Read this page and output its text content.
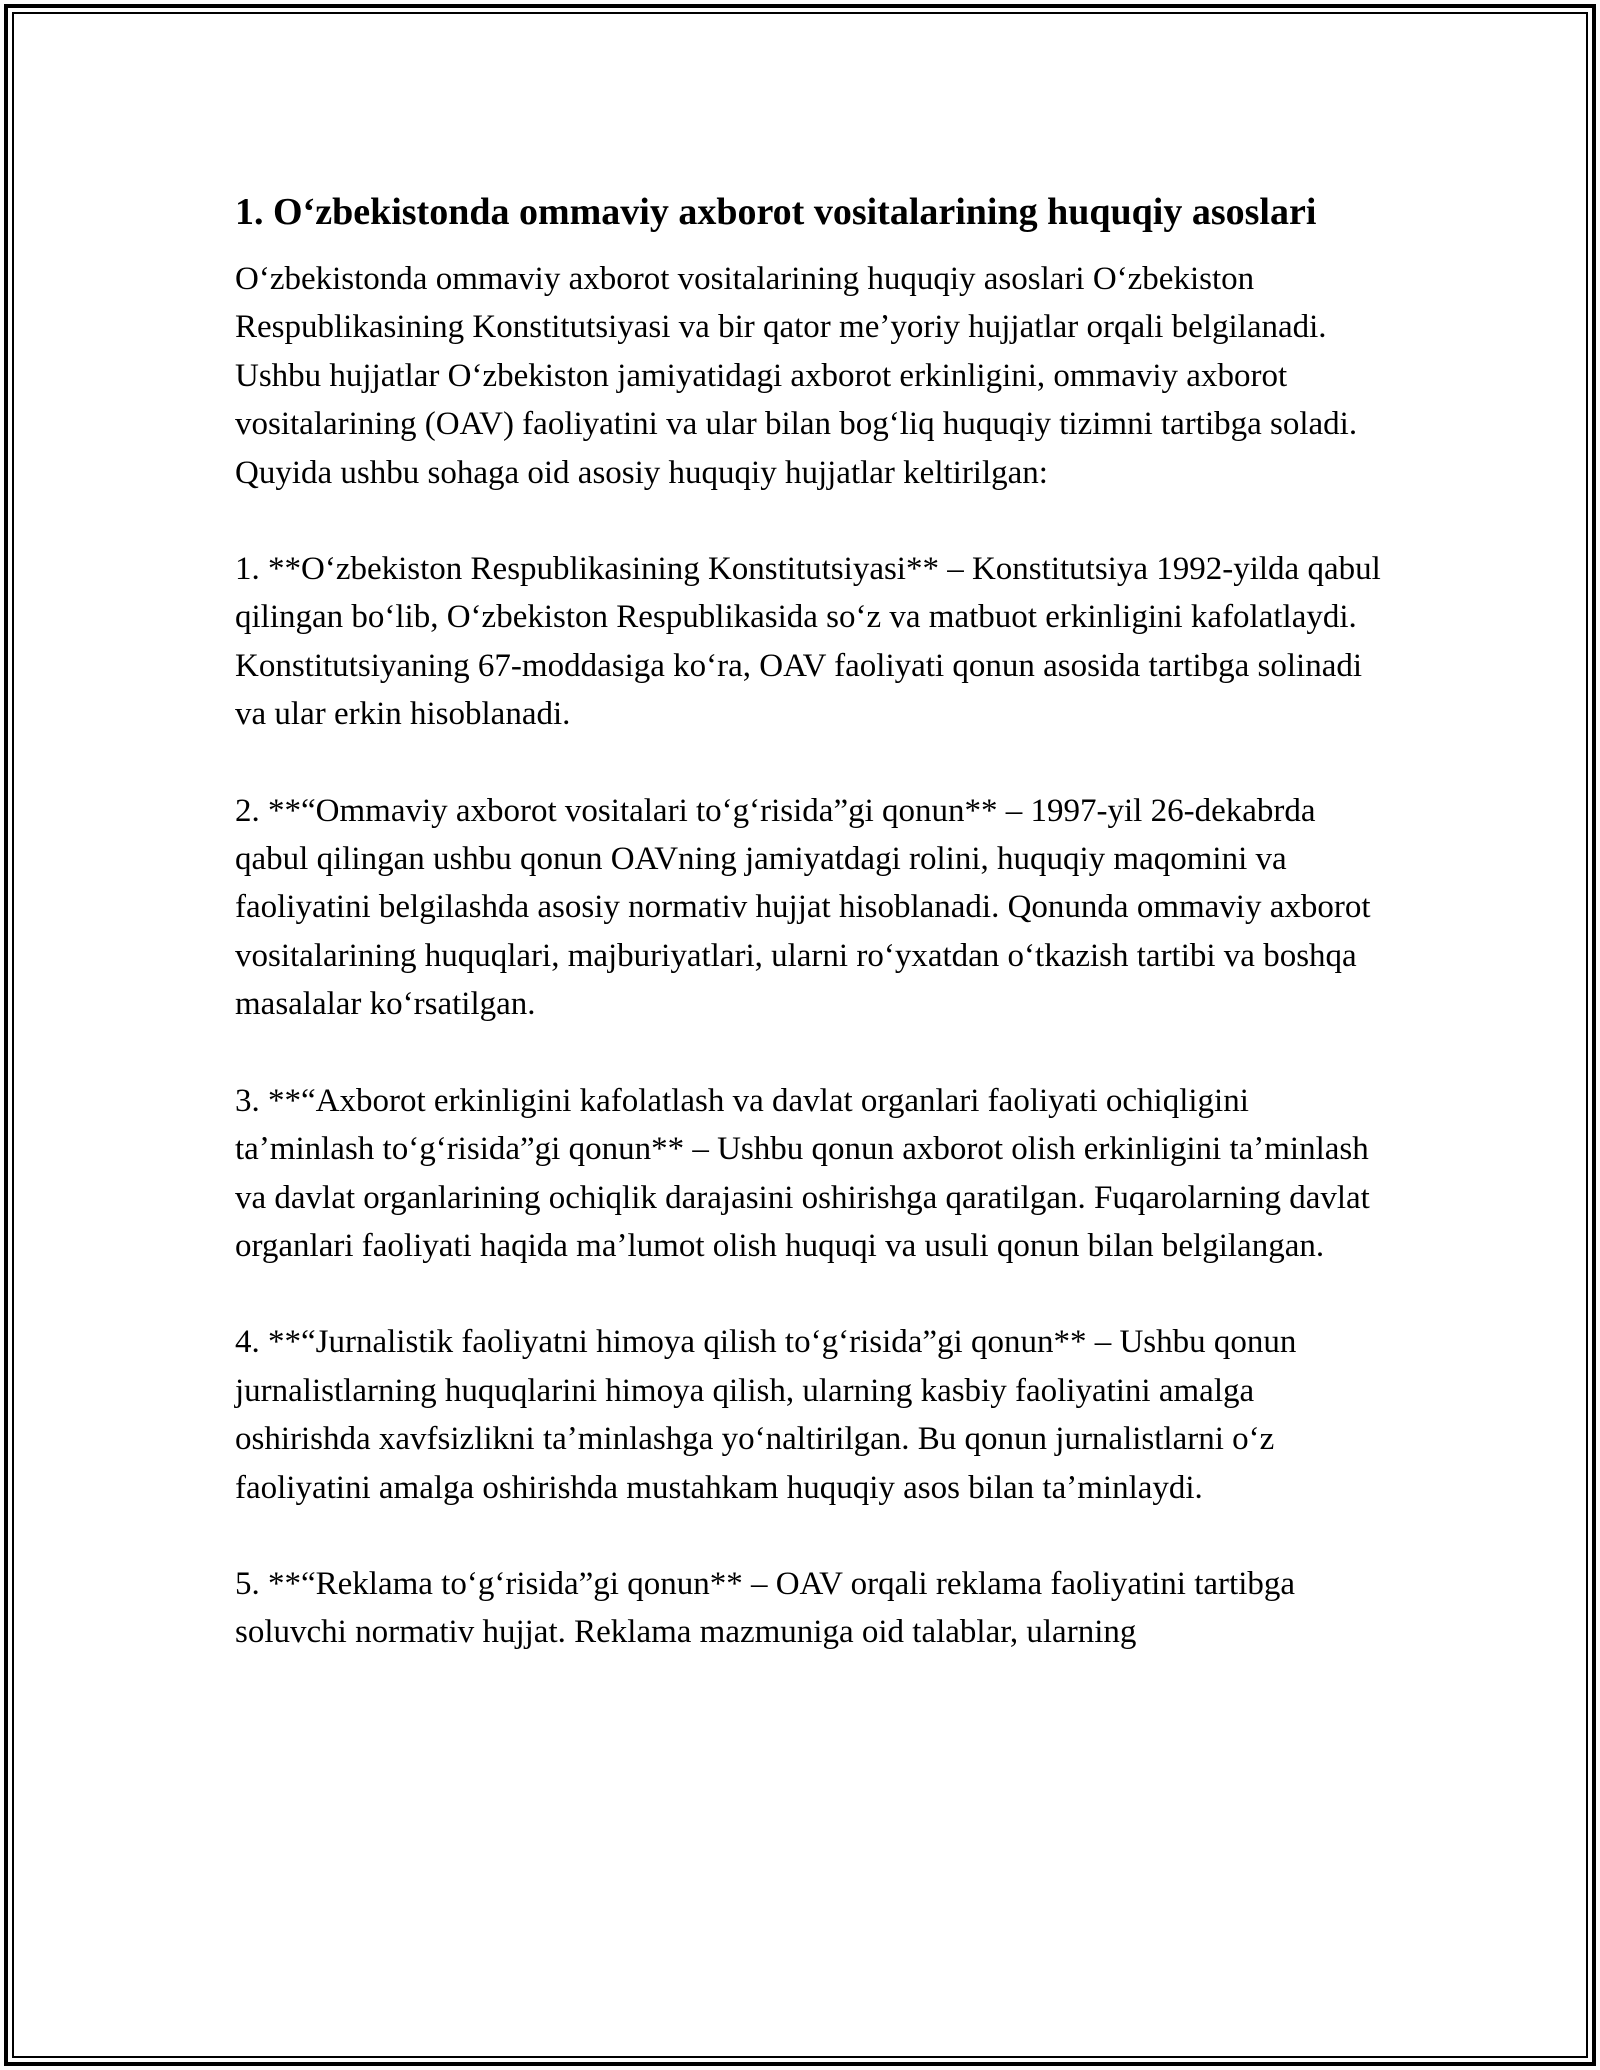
1. Oʻzbekistonda ommaviy axborot vositalarining huquqiy asoslari

Oʻzbekistonda ommaviy axborot vositalarining huquqiy asoslari Oʻzbekiston Respublikasining Konstitutsiyasi va bir qator meʼyoriy hujjatlar orqali belgilanadi. Ushbu hujjatlar Oʻzbekiston jamiyatidagi axborot erkinligini, ommaviy axborot vositalarining (OAV) faoliyatini va ular bilan bogʻliq huquqiy tizimni tartibga soladi. Quyida ushbu sohaga oid asosiy huquqiy hujjatlar keltirilgan:

1. **Oʻzbekiston Respublikasining Konstitutsiyasi** – Konstitutsiya 1992-yilda qabul qilingan boʻlib, Oʻzbekiston Respublikasida soʻz va matbuot erkinligini kafolatlaydi. Konstitutsiyaning 67-moddasiga koʻra, OAV faoliyati qonun asosida tartibga solinadi va ular erkin hisoblanadi.

2. **“Ommaviy axborot vositalari toʻgʻrisida”gi qonun** – 1997-yil 26-dekabrda qabul qilingan ushbu qonun OAVning jamiyatdagi rolini, huquqiy maqomini va faoliyatini belgilashda asosiy normativ hujjat hisoblanadi. Qonunda ommaviy axborot vositalarining huquqlari, majburiyatlari, ularni roʻyxatdan oʻtkazish tartibi va boshqa masalalar koʻrsatilgan.

3. **“Axborot erkinligini kafolatlash va davlat organlari faoliyati ochiqligini taʼminlash toʻgʻrisida”gi qonun** – Ushbu qonun axborot olish erkinligini taʼminlash va davlat organlarining ochiqlik darajasini oshirishga qaratilgan. Fuqarolarning davlat organlari faoliyati haqida maʼlumot olish huquqi va usuli qonun bilan belgilangan.

4. **“Jurnalistik faoliyatni himoya qilish toʻgʻrisida”gi qonun** – Ushbu qonun jurnalistlarning huquqlarini himoya qilish, ularning kasbiy faoliyatini amalga oshirishda xavfsizlikni taʼminlashga yoʻnaltirilgan. Bu qonun jurnalistlarni oʻz faoliyatini amalga oshirishda mustahkam huquqiy asos bilan taʼminlaydi.

5. **“Reklama toʻgʻrisida”gi qonun** – OAV orqali reklama faoliyatini tartibga soluvchi normativ hujjat. Reklama mazmuniga oid talablar, ularning
